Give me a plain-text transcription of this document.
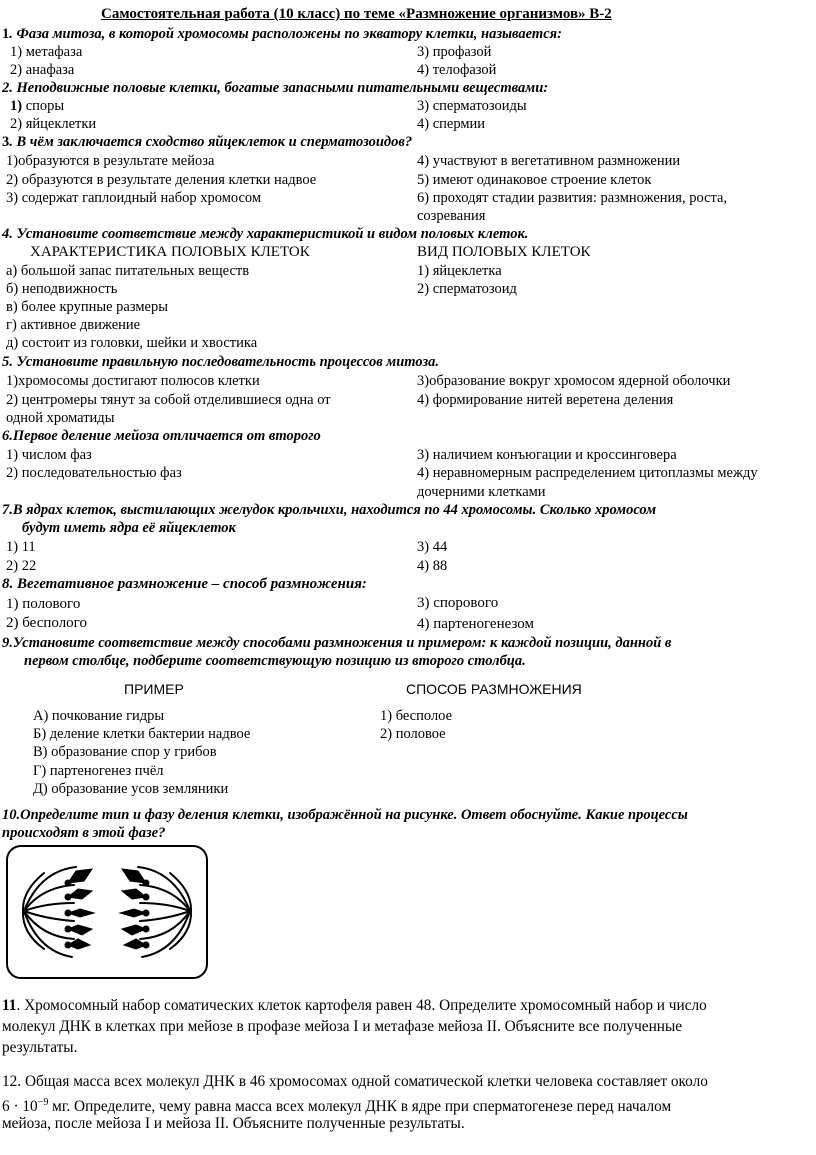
Самостоятельная работа (10 класс) по теме «Размножение организмов» В-2
1. Фаза митоза, в которой хромосомы расположены по экватору клетки, называется:
1) метафаза	3) профазой
2) анафаза	4) телофазой
2. Неподвижные половые клетки, богатые запасными питательными веществами:
1) споры	3) сперматозоиды
2) яйцеклетки	4) спермии
3. В чём заключается сходство яйцеклеток и сперматозоидов?
1)образуются в результате мейоза	4) участвуют в вегетативном размножении
2) образуются в результате деления клетки надвое	5) имеют одинаковое строение клеток
3) содержат гаплоидный набор хромосом	6) проходят стадии развития: размножения, роста,
созревания
4. Установите соответствие между характеристикой и видом половых клеток.
ХАРАКТЕРИСТИКА ПОЛОВЫХ КЛЕТОК	ВИД ПОЛОВЫХ КЛЕТОК
а) большой запас питательных веществ	1) яйцеклетка
б) неподвижность	2) сперматозоид
в) более крупные размеры
г) активное движение
д) состоит из головки, шейки и хвостика
5. Установите правильную последовательность процессов митоза.
1)хромосомы достигают полюсов клетки	3)образование вокруг хромосом ядерной оболочки
2) центромеры тянут за собой отделившиеся одна от	4) формирование нитей веретена деления
одной хроматиды
6.Первое деление мейоза отличается от второго
1) числом фаз	3) наличием конъюгации и кроссинговера
2) последовательностью фаз	4) неравномерным распределением цитоплазмы между
дочерними клетками
7.В ядрах клеток, выстилающих желудок крольчихи, находится по 44 хромосомы. Сколько хромосом
будут иметь ядра её яйцеклеток
1) 11	3) 44
2) 22	4) 88
8. Вегетативное размножение – способ размножения:
1) полового	3) спорового
2) бесполого	4) партеногенезом
9.Установите соответствие между способами размножения и примером: к каждой позиции, данной в
первом столбце, подберите соответствующую позицию из второго столбца.
ПРИМЕР	СПОСОБ РАЗМНОЖЕНИЯ
А) почкование гидры	1) бесполое
Б) деление клетки бактерии надвое	2) половое
В) образование спор у грибов
Г) партеногенез пчёл
Д) образование усов земляники
10.Определите тип и фазу деления клетки, изображённой на рисунке. Ответ обоснуйте. Какие процессы
происходят в этой фазе?
11. Хромосомный набор соматических клеток картофеля равен 48. Определите хромосомный набор и число
молекул ДНК в клетках при мейозе в профазе мейоза I и метафазе мейоза II. Объясните все полученные
результаты.
12. Общая масса всех молекул ДНК в 46 хромосомах одной соматической клетки человека составляет около
$6 \cdot 10^{-9}$ мг. Определите, чему равна масса всех молекул ДНК в ядре при сперматогенезе перед началом
мейоза, после мейоза I и мейоза II. Объясните полученные результаты.
